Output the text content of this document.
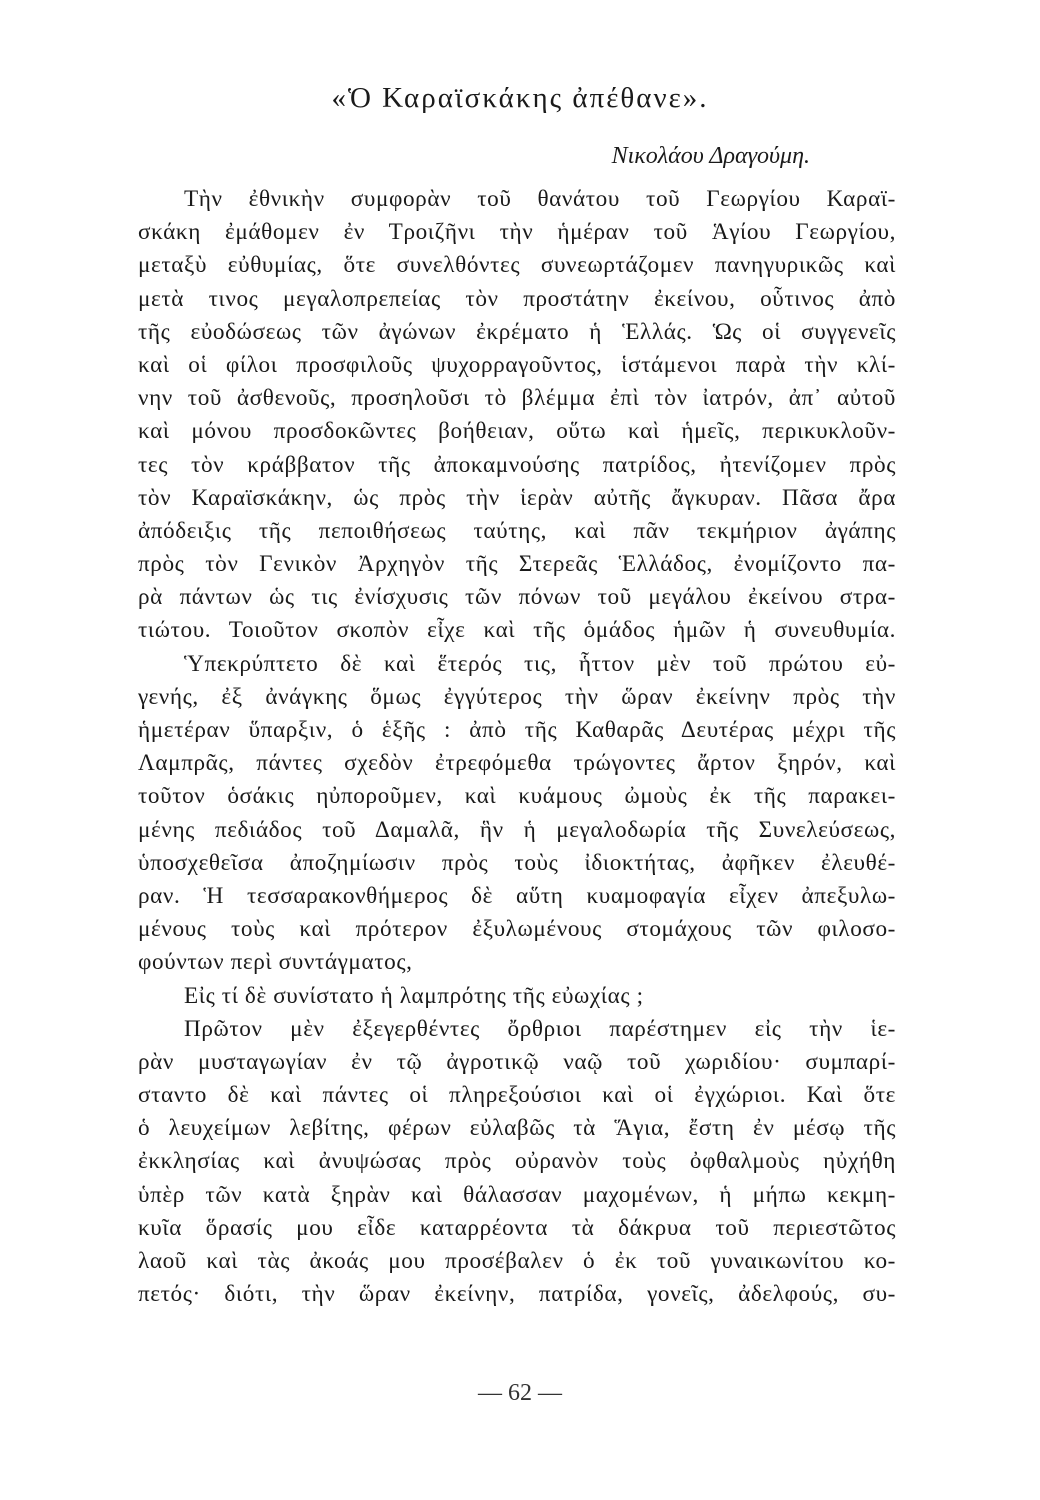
«Ὁ Καραϊσκάκης ἀπέθανε».
Νικολάου Δραγούμη.
Τὴν ἐθνικὴν συμφορὰν τοῦ θανάτου τοῦ Γεωργίου Καραϊ-
σκάκη ἐμάθομεν ἐν Τροιζῆνι τὴν ἡμέραν τοῦ Ἁγίου Γεωργίου,
μεταξὺ εὐθυμίας, ὅτε συνελθόντες συνεωρτάζομεν πανηγυρικῶς καὶ
μετὰ τινος μεγαλοπρεπείας τὸν προστάτην ἐκείνου, οὗτινος ἀπὸ
τῆς εὐοδώσεως τῶν ἀγώνων ἐκρέματο ἡ Ἑλλάς. Ὡς οἱ συγγενεῖς
καὶ οἱ φίλοι προσφιλοῦς ψυχορραγοῦντος, ἱστάμενοι παρὰ τὴν κλί-
νην τοῦ ἀσθενοῦς, προσηλοῦσι τὸ βλέμμα ἐπὶ τὸν ἰατρόν, ἀπ᾽ αὐτοῦ
καὶ μόνου προσδοκῶντες βοήθειαν, οὕτω καὶ ἡμεῖς, περικυκλοῦν-
τες τὸν κράββατον τῆς ἀποκαμνούσης πατρίδος, ἠτενίζομεν πρὸς
τὸν Καραϊσκάκην, ὡς πρὸς τὴν ἱερὰν αὐτῆς ἄγκυραν. Πᾶσα ἄρα
ἀπόδειξις τῆς πεποιθήσεως ταύτης, καὶ πᾶν τεκμήριον ἀγάπης
πρὸς τὸν Γενικὸν Ἀρχηγὸν τῆς Στερεᾶς Ἑλλάδος, ἐνομίζοντο πα-
ρὰ πάντων ὡς τις ἐνίσχυσις τῶν πόνων τοῦ μεγάλου ἐκείνου στρα-
τιώτου. Τοιοῦτον σκοπὸν εἶχε καὶ τῆς ὁμάδος ἡμῶν ἡ συνευθυμία.
Ὑπεκρύπτετο δὲ καὶ ἕτερός τις, ἧττον μὲν τοῦ πρώτου εὐ-
γενής, ἐξ ἀνάγκης ὅμως ἐγγύτερος τὴν ὥραν ἐκείνην πρὸς τὴν
ἡμετέραν ὕπαρξιν, ὁ ἑξῆς : ἀπὸ τῆς Καθαρᾶς Δευτέρας μέχρι τῆς
Λαμπρᾶς, πάντες σχεδὸν ἐτρεφόμεθα τρώγοντες ἄρτον ξηρόν, καὶ
τοῦτον ὁσάκις ηὐποροῦμεν, καὶ κυάμους ὠμοὺς ἐκ τῆς παρακει-
μένης πεδιάδος τοῦ Δαμαλᾶ, ἣν ἡ μεγαλοδωρία τῆς Συνελεύσεως,
ὑποσχεθεῖσα ἀποζημίωσιν πρὸς τοὺς ἰδιοκτήτας, ἀφῆκεν ἐλευθέ-
ραν. Ἡ τεσσαρακονθήμερος δὲ αὕτη κυαμοφαγία εἶχεν ἀπεξυλω-
μένους τοὺς καὶ πρότερον ἐξυλωμένους στομάχους τῶν φιλοσο-
φούντων περὶ συντάγματος,
Εἰς τί δὲ συνίστατο ἡ λαμπρότης τῆς εὐωχίας ;
Πρῶτον μὲν ἐξεγερθέντες ὄρθριοι παρέστημεν εἰς τὴν ἱε-
ρὰν μυσταγωγίαν ἐν τῷ ἀγροτικῷ ναῷ τοῦ χωριδίου· συμπαρί-
σταντο δὲ καὶ πάντες οἱ πληρεξούσιοι καὶ οἱ ἐγχώριοι. Καὶ ὅτε
ὁ λευχείμων λεβίτης, φέρων εὐλαβῶς τὰ Ἅγια, ἔστη ἐν μέσῳ τῆς
ἐκκλησίας καὶ ἀνυψώσας πρὸς οὐρανὸν τοὺς ὀφθαλμοὺς ηὐχήθη
ὑπὲρ τῶν κατὰ ξηρὰν καὶ θάλασσαν μαχομένων, ἡ μήπω κεκμη-
κυῖα ὅρασίς μου εἶδε καταρρέοντα τὰ δάκρυα τοῦ περιεστῶτος
λαοῦ καὶ τὰς ἀκοάς μου προσέβαλεν ὁ ἐκ τοῦ γυναικωνίτου κο-
πετός· διότι, τὴν ὥραν ἐκείνην, πατρίδα, γονεῖς, ἀδελφούς, συ-
— 62 —
